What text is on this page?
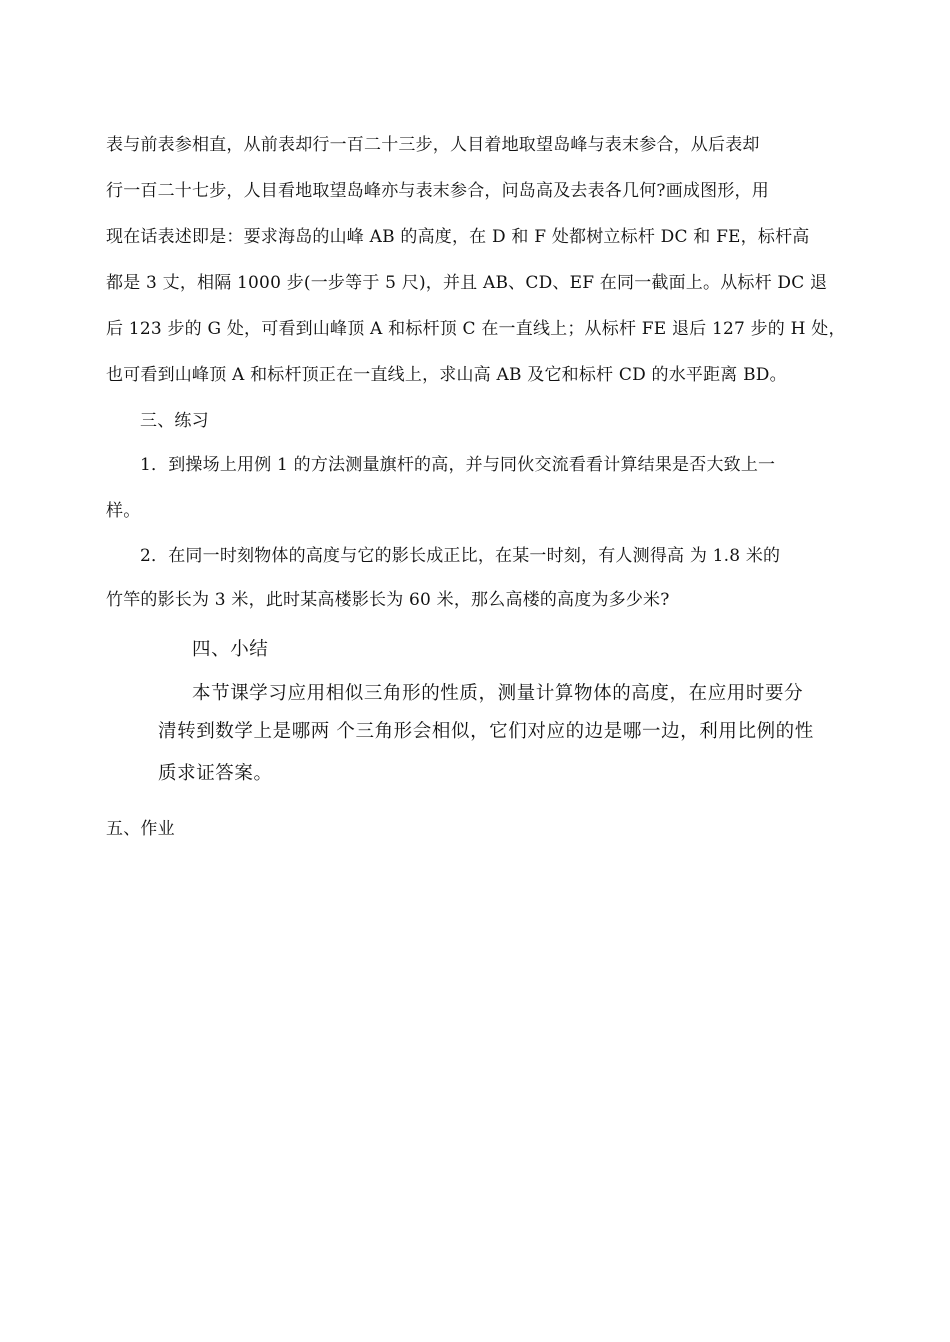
表与前表参相直，从前表却行一百二十三步，人目着地取望岛峰与表末参合，从后表却
行一百二十七步，人目看地取望岛峰亦与表末参合，问岛高及去表各几何?画成图形，用
现在话表述即是：要求海岛的山峰 AB 的高度，在 D 和 F 处都树立标杆 DC 和 FE，标杆高
都是 3 丈，相隔 1000 步(一步等于 5 尺)，并且 AB、CD、EF 在同一截面上。从标杆 DC 退
后 123 步的 G 处，可看到山峰顶 A 和标杆顶 C 在一直线上；从标杆 FE 退后 127 步的 H 处，
也可看到山峰顶 A 和标杆顶正在一直线上，求山高 AB 及它和标杆 CD 的水平距离 BD。
三、练习
1．到操场上用例 1 的方法测量旗杆的高，并与同伙交流看看计算结果是否大致上一
样。
2．在同一时刻物体的高度与它的影长成正比，在某一时刻，有人测得高 为 1.8 米的
竹竿的影长为 3 米，此时某高楼影长为 60 米，那么高楼的高度为多少米?
四、小结
本节课学习应用相似三角形的性质，测量计算物体的高度，在应用时要分
清转到数学上是哪两 个三角形会相似，它们对应的边是哪一边，利用比例的性
质求证答案。
五、作业
